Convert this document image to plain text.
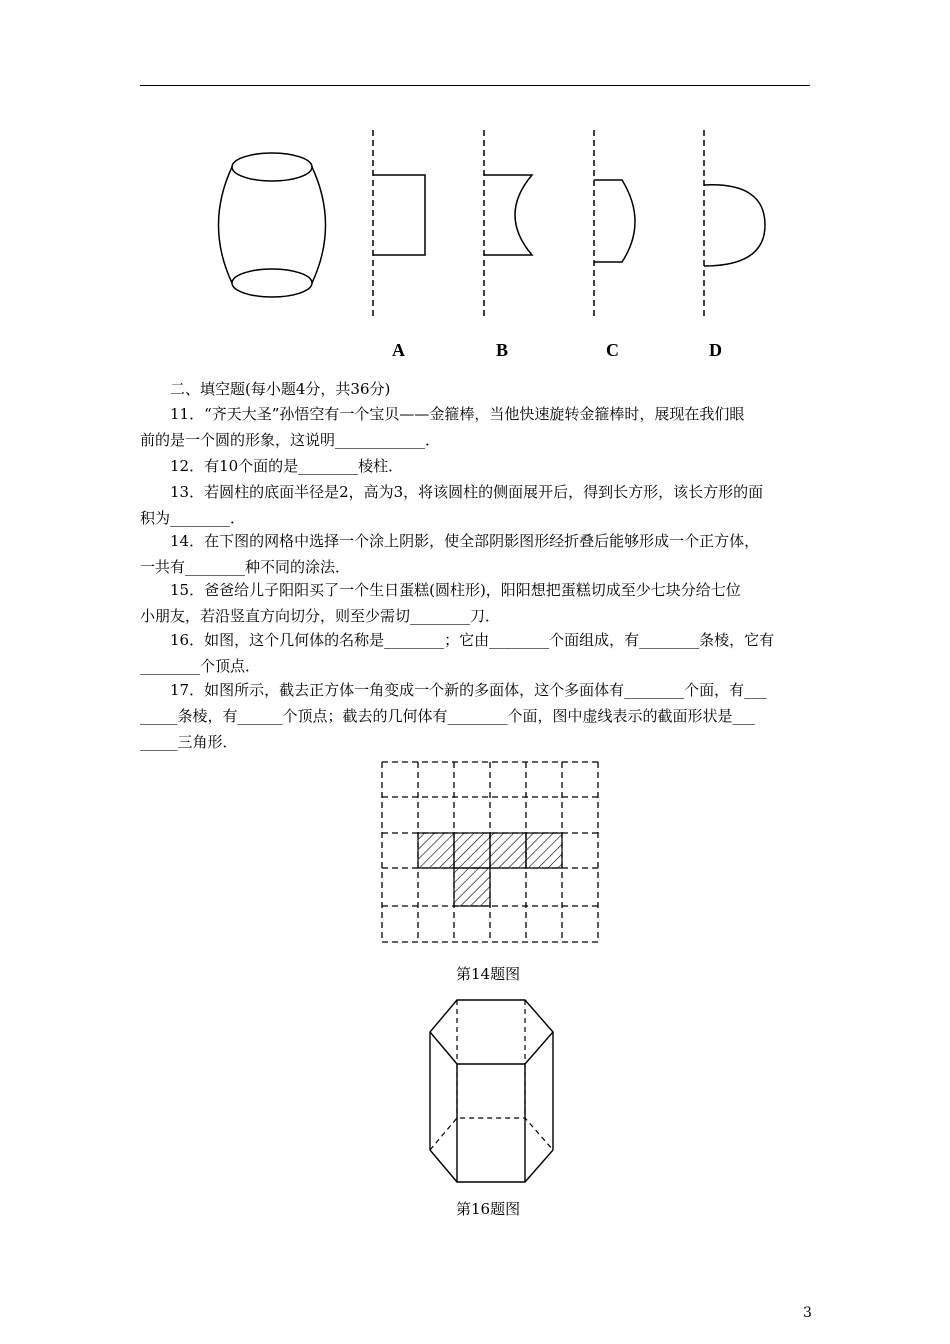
A	B	C	D
二、填空题(每小题4分，共36分)
11．“齐天大圣”孙悟空有一个宝贝——金箍棒，当他快速旋转金箍棒时，展现在我们眼
前的是一个圆的形象，这说明____________．
12．有10个面的是________棱柱．
13．若圆柱的底面半径是2，高为3，将该圆柱的侧面展开后，得到长方形，该长方形的面
积为________．
14．在下图的网格中选择一个涂上阴影，使全部阴影图形经折叠后能够形成一个正方体，
一共有________种不同的涂法．
15．爸爸给儿子阳阳买了一个生日蛋糕(圆柱形)，阳阳想把蛋糕切成至少七块分给七位
小朋友，若沿竖直方向切分，则至少需切________刀．
16．如图，这个几何体的名称是________；它由________个面组成，有________条棱，它有
________个顶点．
17．如图所示，截去正方体一角变成一个新的多面体，这个多面体有________个面，有___
_____条棱，有______个顶点；截去的几何体有________个面，图中虚线表示的截面形状是___
_____三角形．
第14题图
第16题图
3
